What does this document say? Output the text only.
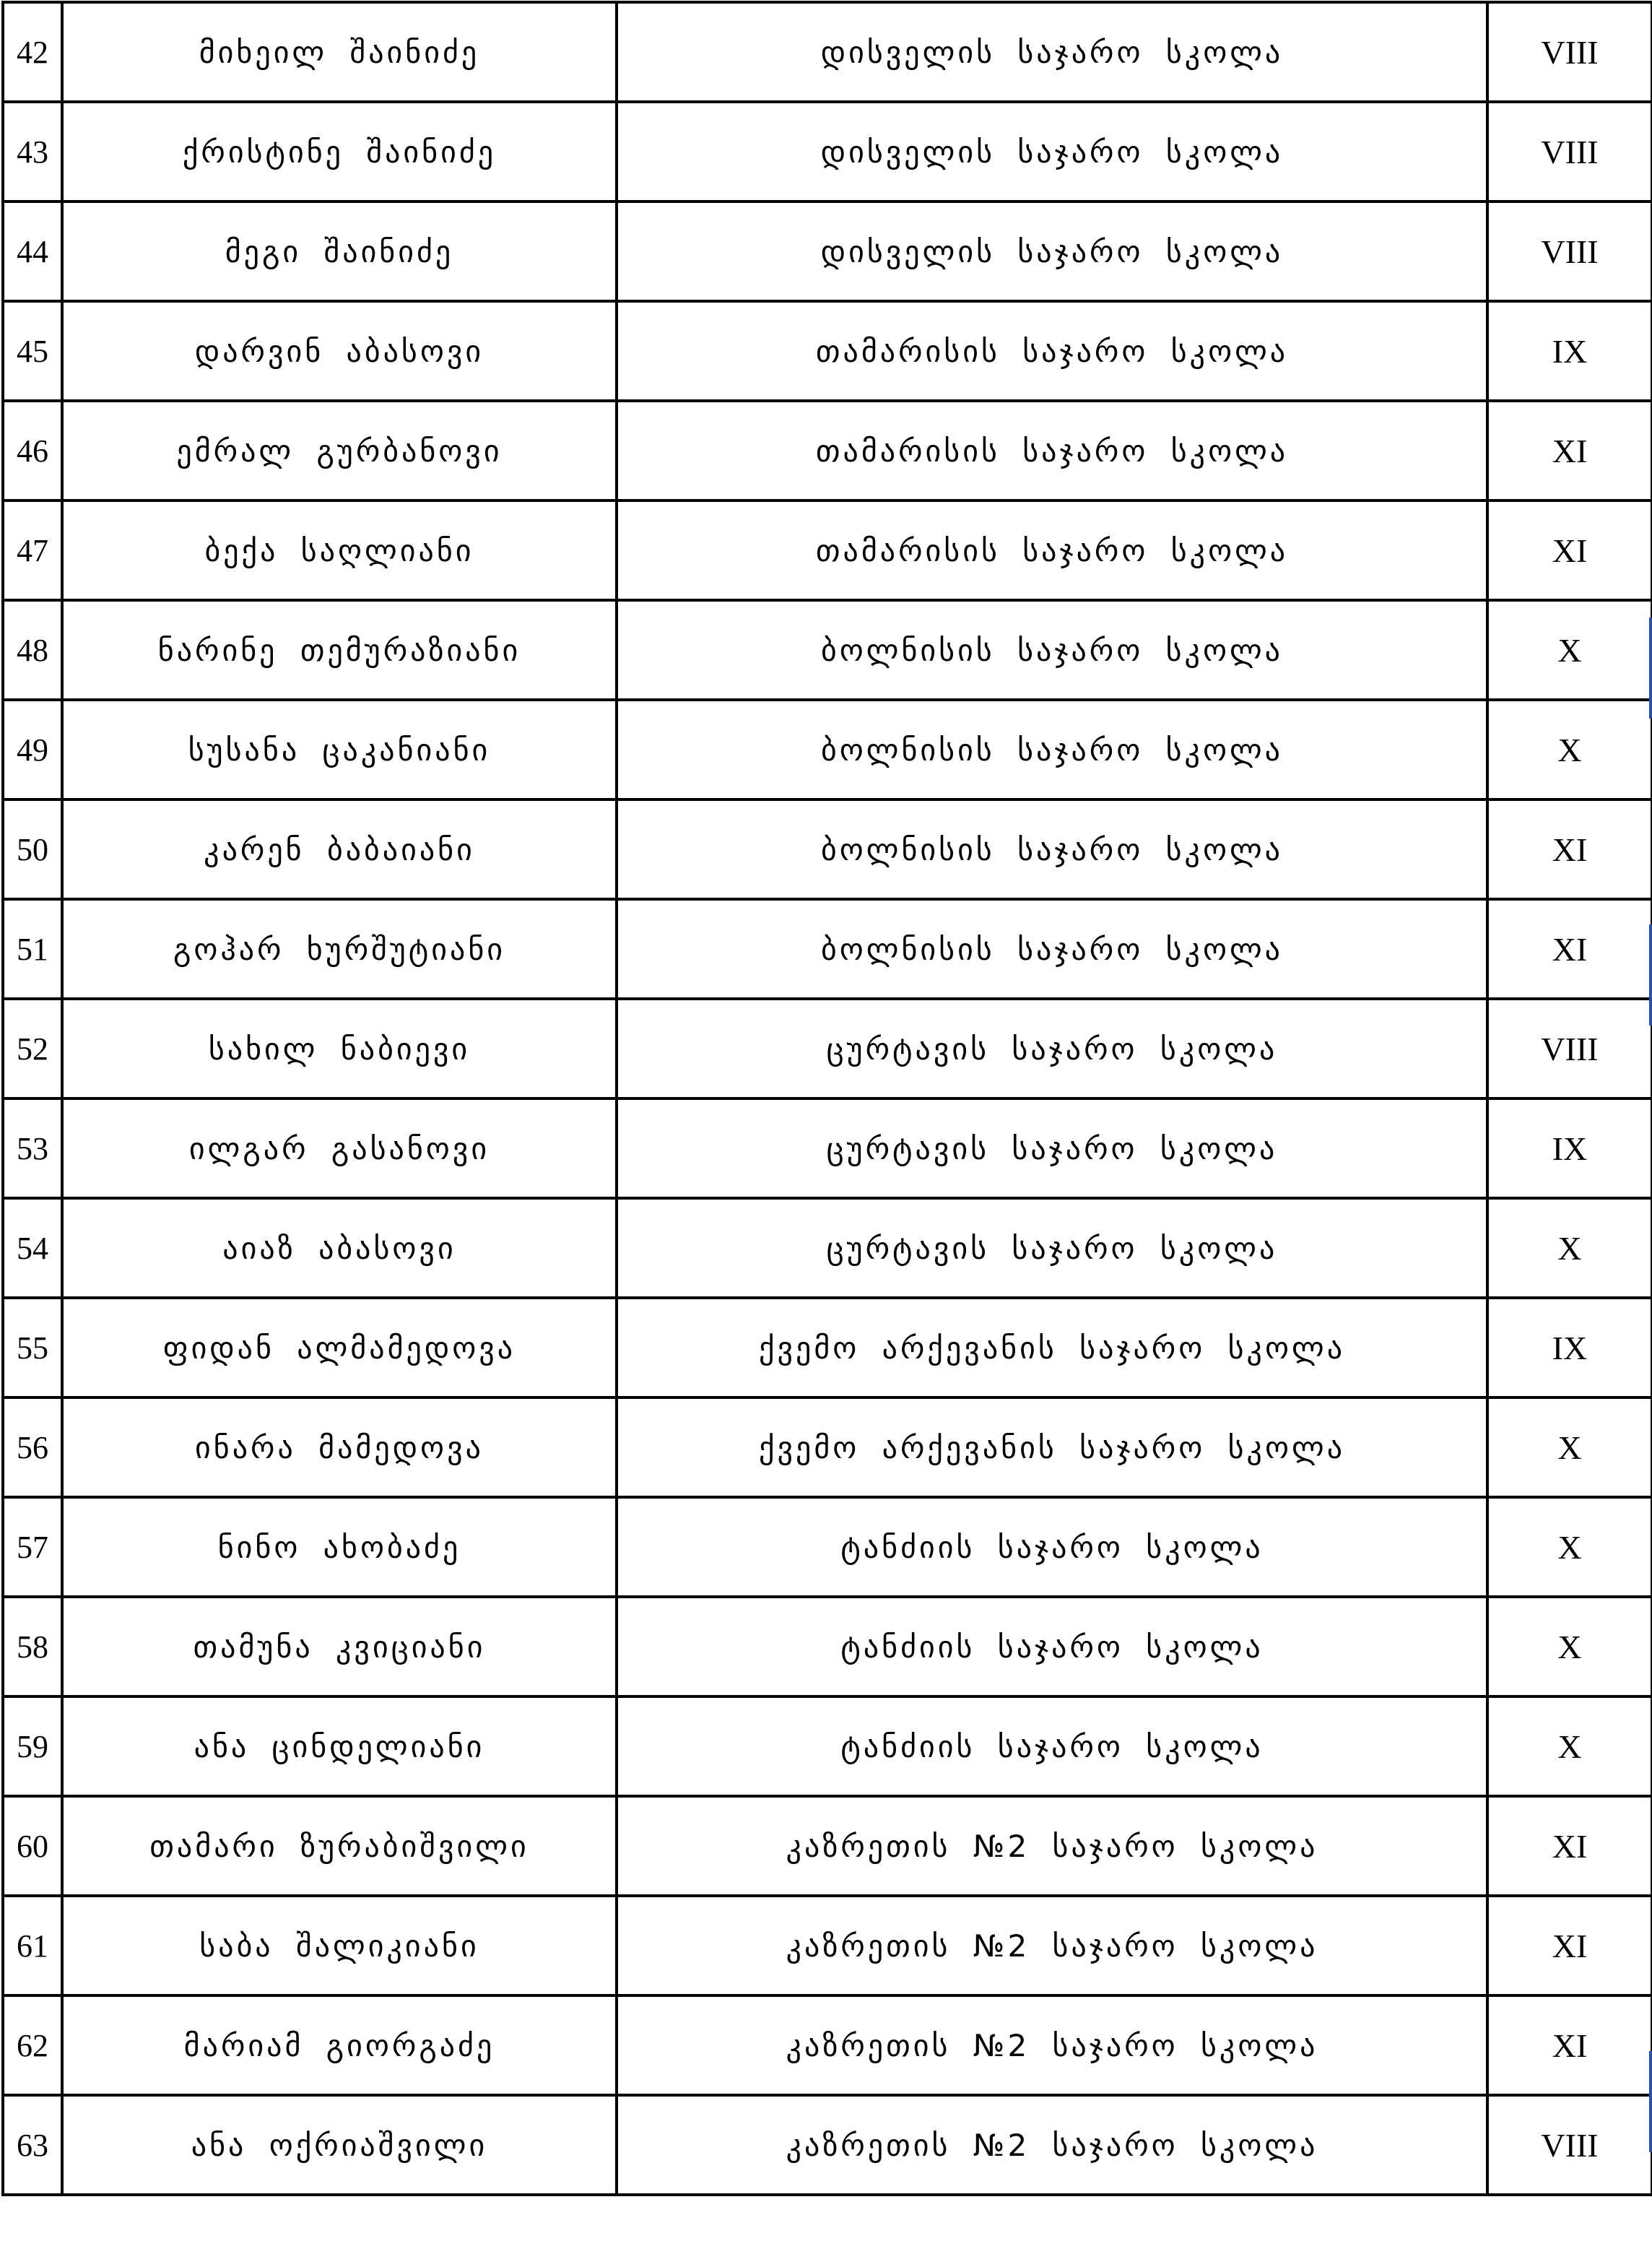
42	მიხეილ შაინიძე	დისველის საჯარო სკოლა	VIII
43	ქრისტინე შაინიძე	დისველის საჯარო სკოლა	VIII
44	მეგი შაინიძე	დისველის საჯარო სკოლა	VIII
45	დარვინ აბასოვი	თამარისის საჯარო სკოლა	IX
46	ემრალ გურბანოვი	თამარისის საჯარო სკოლა	XI
47	ბექა საღლიანი	თამარისის საჯარო სკოლა	XI
48	ნარინე თემურაზიანი	ბოლნისის საჯარო სკოლა	X
49	სუსანა ცაკანიანი	ბოლნისის საჯარო სკოლა	X
50	კარენ ბაბაიანი	ბოლნისის საჯარო სკოლა	XI
51	გოჰარ ხურშუტიანი	ბოლნისის საჯარო სკოლა	XI
52	სახილ ნაბიევი	ცურტავის საჯარო სკოლა	VIII
53	ილგარ გასანოვი	ცურტავის საჯარო სკოლა	IX
54	აიაზ აბასოვი	ცურტავის საჯარო სკოლა	X
55	ფიდან ალმამედოვა	ქვემო არქევანის საჯარო სკოლა	IX
56	ინარა მამედოვა	ქვემო არქევანის საჯარო სკოლა	X
57	ნინო ახობაძე	ტანძიის საჯარო სკოლა	X
58	თამუნა კვიციანი	ტანძიის საჯარო სკოლა	X
59	ანა ცინდელიანი	ტანძიის საჯარო სკოლა	X
60	თამარი ზურაბიშვილი	კაზრეთის №2 საჯარო სკოლა	XI
61	საბა შალიკიანი	კაზრეთის №2 საჯარო სკოლა	XI
62	მარიამ გიორგაძე	კაზრეთის №2 საჯარო სკოლა	XI
63	ანა ოქრიაშვილი	კაზრეთის №2 საჯარო სკოლა	VIII
